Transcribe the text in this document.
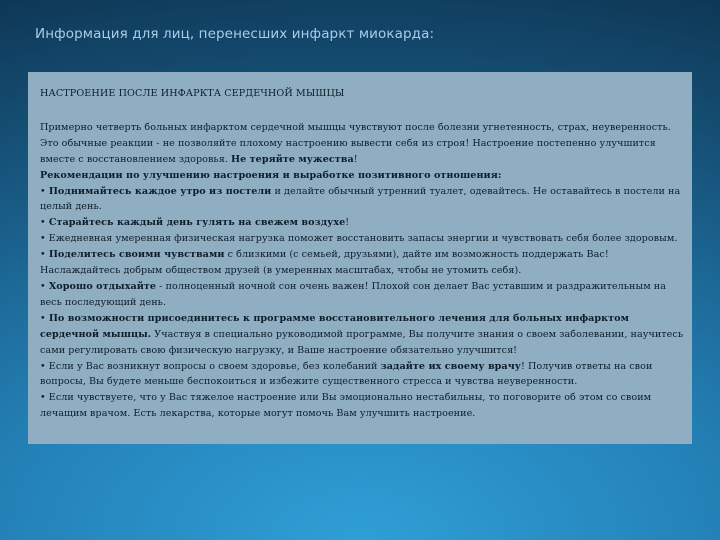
Информация для лиц, перенесших инфаркт миокарда:

НАСТРОЕНИЕ ПОСЛЕ ИНФАРКТА СЕРДЕЧНОЙ МЫШЦЫ

Примерно четверть больных инфарктом сердечной мышцы чувствуют после болезни угнетенность, страх, неуверенность. Это обычные реакции - не позволяйте плохому настроению вывести себя из строя! Настроение постепенно улучшится вместе с восстановлением здоровья. Не теряйте мужества!

Рекомендации по улучшению настроения и выработке позитивного отношения:

• Поднимайтесь каждое утро из постели и делайте обычный утренний туалет, одевайтесь. Не оставайтесь в постели на целый день.

• Старайтесь каждый день гулять на свежем воздухе!

• Ежедневная умеренная физическая нагрузка поможет восстановить запасы энергии и чувствовать себя более здоровым.

• Поделитесь своими чувствами с близкими (с семьей, друзьями), дайте им возможность поддержать Вас! Наслаждайтесь добрым обществом друзей (в умеренных масштабах, чтобы не утомить себя).

• Хорошо отдыхайте - полноценный ночной сон очень важен! Плохой сон делает Вас уставшим и раздражительным на весь последующий день.

• По возможности присоединитесь к программе восстановительного лечения для больных инфарктом сердечной мышцы. Участвуя в специально руководимой программе, Вы получите знания о своем заболевании, научитесь сами регулировать свою физическую нагрузку, и Ваше настроение обязательно улучшится!

• Если у Вас возникнут вопросы о своем здоровье, без колебаний задайте их своему врачу! Получив ответы на свои вопросы, Вы будете меньше беспокоиться и избежите существенного стресса и чувства неуверенности.

• Если чувствуете, что у Вас тяжелое настроение или Вы эмоционально нестабильны, то поговорите об этом со своим лечащим врачом. Есть лекарства, которые могут помочь Вам улучшить настроение.
